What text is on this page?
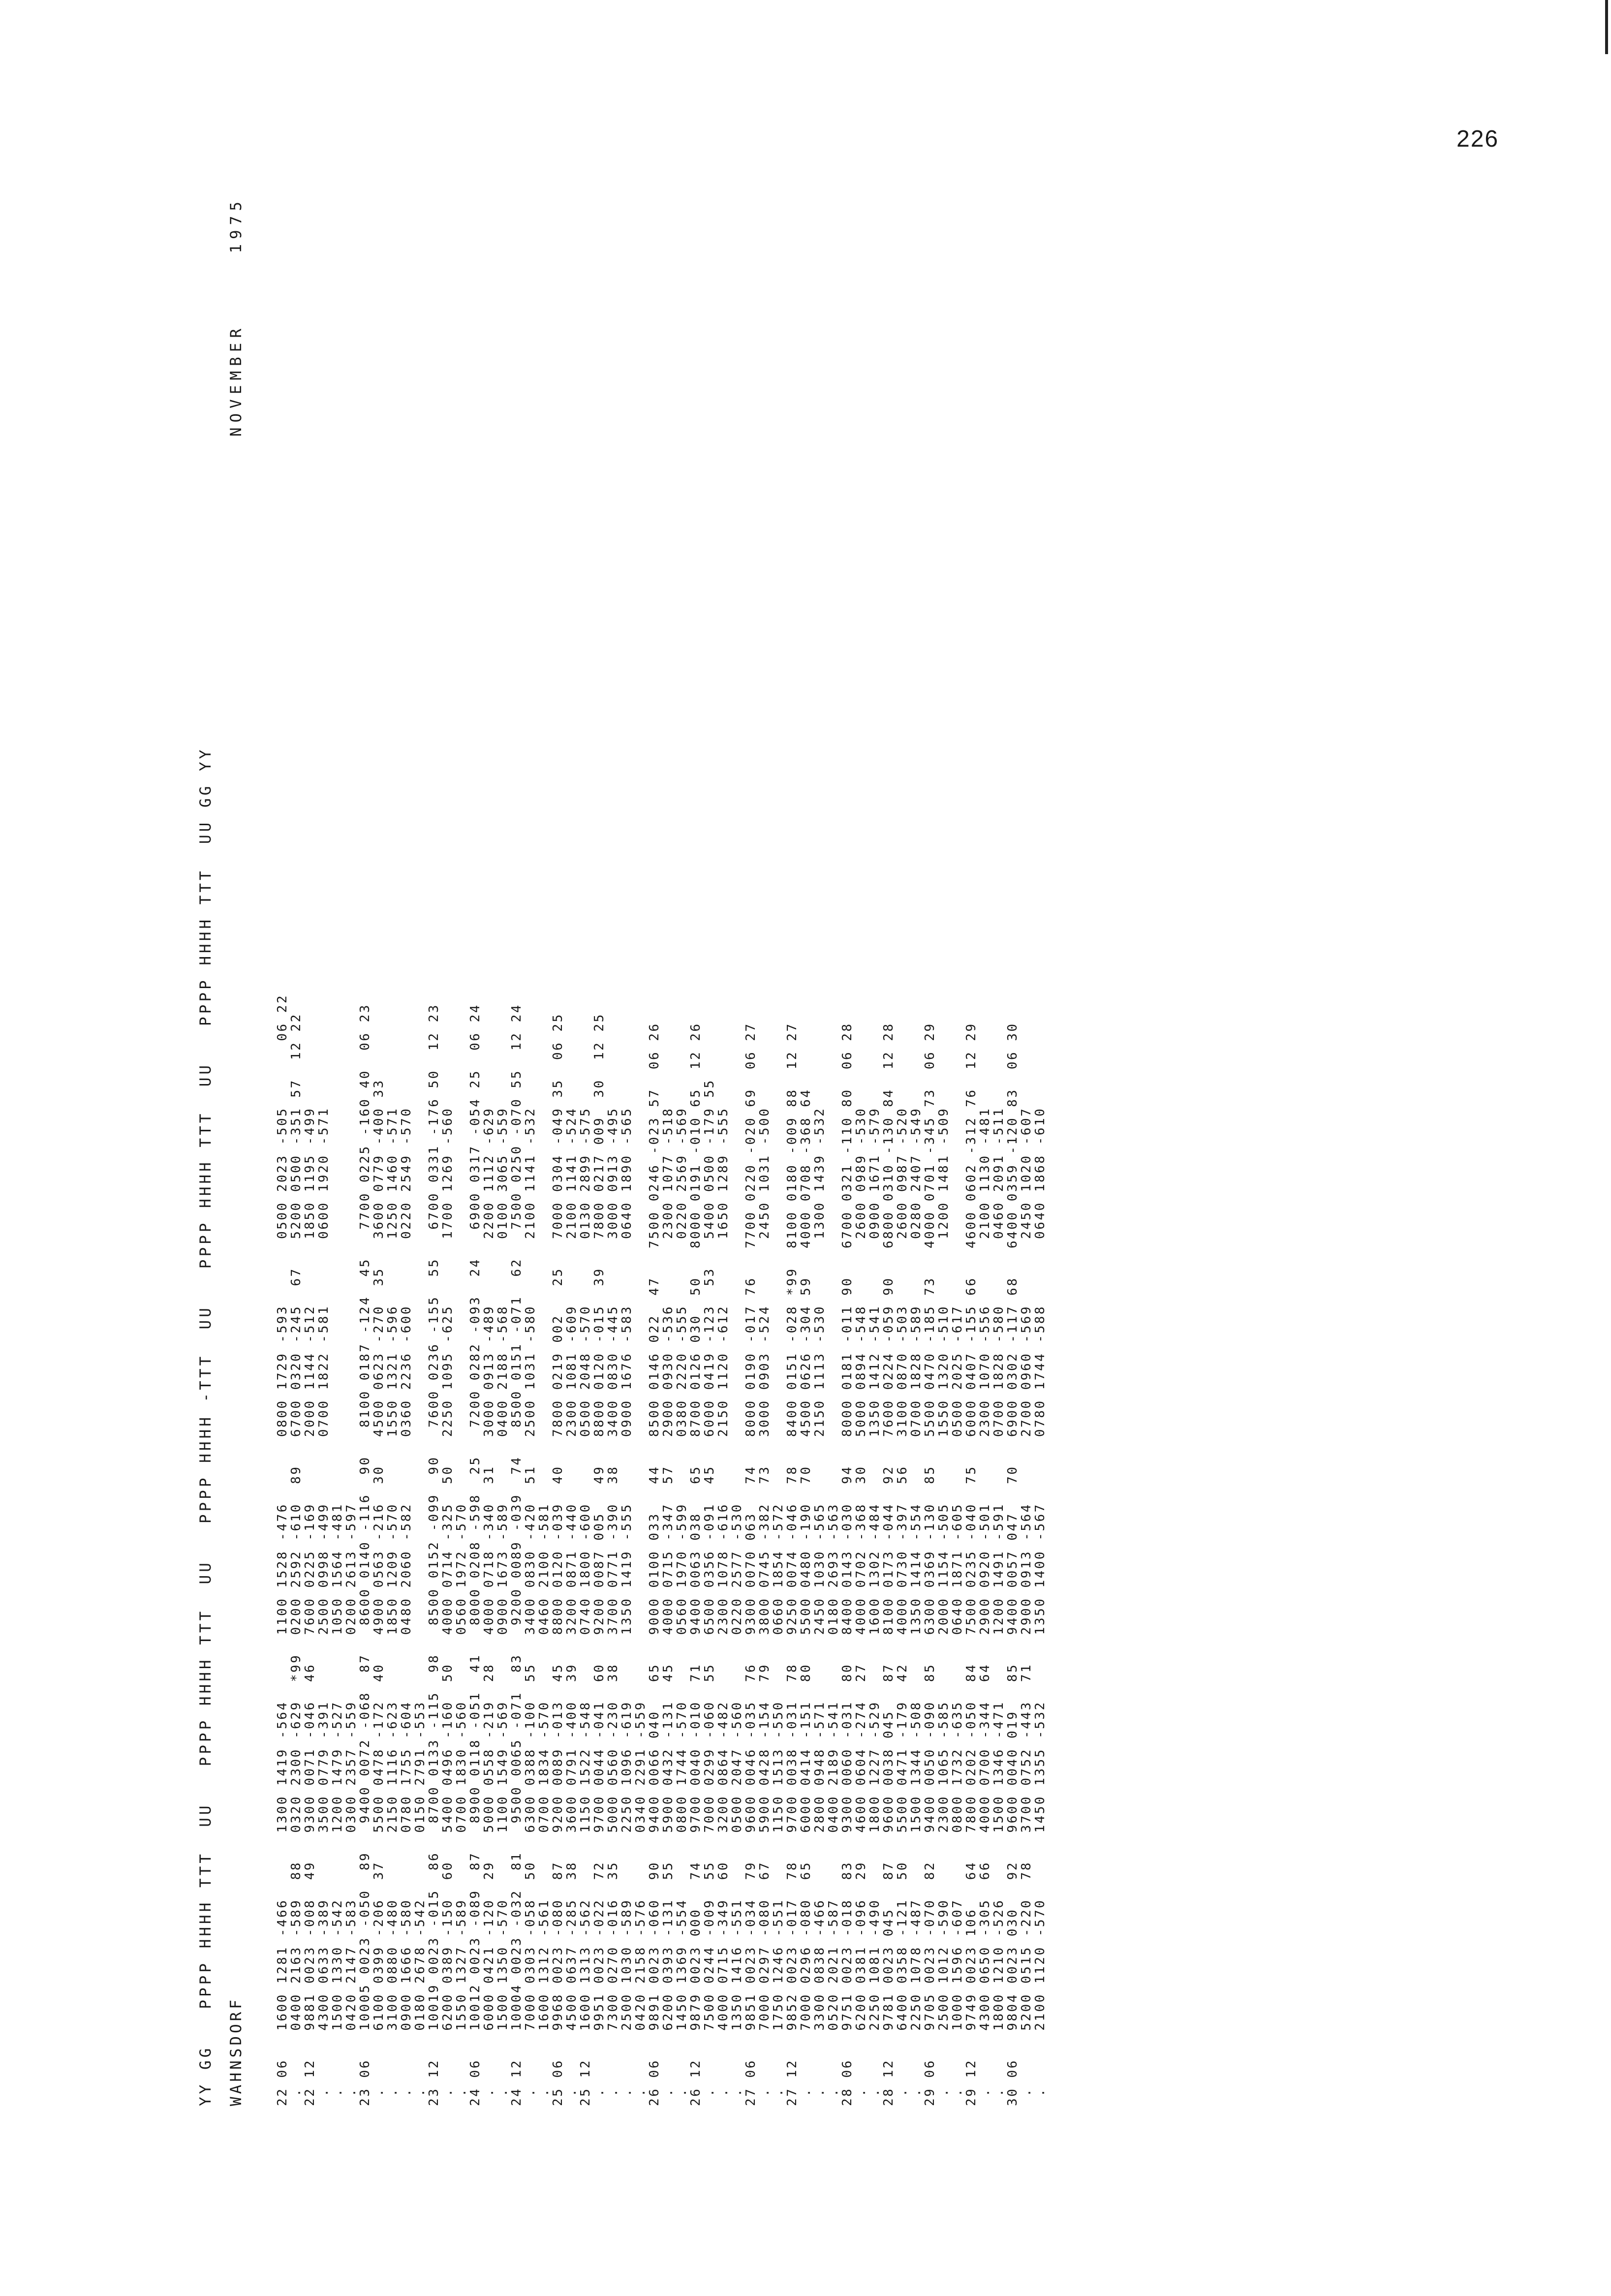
226
YY GG   PPPP HHHH TTT  UU   PPPP HHHH TTT  UU   PPPP HHHH -TTT  UU   PPPP HHHH TTT  UU   PPPP HHHH TTT  UU GG YY WAHNSDORF
NOVEMBER     1975
22 06   1600 1281 -466       1300 1419 -564       1100 1528 -476       0800 1729 -593       0500 2023 -505       06 22
.      0400 2163 -589  88   0320 2300 -629  *99  0200 2592 -610  89   6700 0320 -245  67   5200 0500 -351 57  12 22
22 12   9881 0023 -008  49   9300 0071 -046  46   7600 0225 -169       2000 1144 -512       1850 1195 -499
.      4300 0633 -389       3500 0779 -391       2500 0998 -499       0700 1822 -581       0600 1920 -571
.      1500 1330 -542       1200 1479 -527       1050 1564 -481
.      0420 2147 -583       0300 2357 -559       0200 2613 -597
23 06   10005 0023 -050  89   9400 0072 -068  87   8600 0140 -116  90   8100 0187 -124  45   7700 0225 -160 40  06 23
.      6100 0399 -206  37   5500 0478 -172  40   4900 0563 -216  30   4500 0623 -270  35   3600 0779 -400 33
.      3100 0880 -480       2150 1116 -623       1850 1209 -570       1550 1321 -596       1250 1460 -571
.      0900 1666 -580       0780 1755 -604       0480 2060 -582       0360 2236 -600       0220 2549 -570
.      0180 2678 -542       0150 2791 -553
23 12   10019 0023 -015  86   8700 0133 -115  98   8500 0152 -099  90   7600 0236 -155  55   6700 0331 -176 50  12 23
.      6200 0389 -150  60   5400 0496 -160  50   4000 0714 -325  50   2250 1095 -625       1700 1269 -560
.      1550 1327 -589       0700 1830 -560       0560 1972 -570
24 06   10012 0023 -089  87   8900 0118 -051  41   8000 0208 -598  25   7200 0282 -093  24   6900 0317 -054 25  06 24
.      6000 0421 -120  29   5000 0558 -219  28   4000 0718 -340  31   3000 0913 -489       2200 1112 -629
.      1500 1350 -570       1100 1549 -569       0900 1673 -589       0400 2188 -568       0100 3065 -559
24 12   10004 0023 -032  81   9500 0065 -071  83   9200 0089 -039  74   8500 0151 -071  62   7500 0250 -070 55  12 24
.      7000 0303 -058  50   6300 0388 -100  55   3400 0830 -420  51   2500 1031 -580       2100 1141 -532
.      1600 1312 -561       0700 1834 -570       0460 2100 -581
25 06   9968 0023 -080  87   9200 0089 -013  45   8800 0120 -039  40   7800 0219 002   25   7000 0304 -049 35  06 25
.      4500 0637 -285  38   3600 0791 -400  39   3200 0871 -440       2300 1081 -609       2100 1141 -524
25 12   1600 1313 -562       1150 1522 -548       0740 1800 -600       0500 2048 -570       0130 2899 -575
.      9951 0023 -022  72   9700 0044 -041  60   9200 0087 005   49   8800 0120 -015  39   7800 0217 009  30  12 25
.      7300 0270 -016  35   5000 0560 -230  38   3700 0771 -390  38   3400 0830 -445       3000 0913 -495
.      2500 1030 -589       2250 1096 -619       1350 1419 -555       0900 1676 -583       0640 1890 -565
.      0420 2158 -576       0340 2291 -559
26 06   9891 0023 -060  90   9400 0066 040   65   9000 0100 033   44   8500 0146 022  47   7500 0246 -023 57  06 26
.      6200 0393 -131  55   5900 0432 -131  45   4000 0715 -347  57   2900 0930 -536       2300 1077 -518
.      1450 1369 -554       0800 1744 -570       0560 1970 -599       0380 2220 -555       0220 2569 -569
26 12   9879 0023 000   74   9700 0040 -010  71   9400 0063 038   65   8700 0126 030  50   8000 0191 -010 65  12 26
.      7500 0244 -009  55   7000 0299 -060  55   6500 0356 -091  45   6000 0419 -123  53   5400 0500 -179 55
.      4000 0715 -349  60   3200 0864 -482       2300 1078 -616       2150 1120 -612       1650 1289 -555
.      1350 1416 -551       0500 2047 -560       0220 2577 -530
27 06   9851 0023 -034  79   9600 0046 -035  76   9300 0070 063   74   8000 0190 -017 76   7700 0220 -020 69  06 27
.      7000 0297 -080  67   5900 0428 -154  79   3800 0745 -382  73   3000 0903 -524       2450 1031 -500
.      1750 1246 -551       1150 1513 -550       0660 1854 -572
27 12   9852 0023 -017  78   9700 0038 -031  78   9250 0074 -046  78   8400 0151 -028 *99  8100 0180 -009 88  12 27
.      7000 0296 -080  65   6000 0414 -151  80   5500 0480 -190  70   4500 0626 -304 59   4000 0708 -368 64
.      3300 0838 -466       2800 0948 -571       2450 1030 -565       2150 1113 -530       1300 1439 -532
.      0520 2021 -587       0400 2189 -541       0180 2693 -563
28 06   9751 0023 -018  83   9300 0060 -031  80   8400 0143 -030  94   8000 0181 -011 90   6700 0321 -110 80  06 28
.      6200 0381 -096  29   4600 0604 -274  27   4000 0702 -368  30   5000 0894 -548       2600 0989 -530
.      2250 1081 -490       1800 1227 -529       1600 1302 -484       1350 1412 -541       0900 1671 -579
28 12   9781 0023 045   87   9600 0038 045   87   8100 0173 -044  92   7600 0224 -059 90   6800 0310 -130 84  12 28
.      6400 0358 -121  50   5500 0471 -179  42   4000 0730 -397  56   3100 0870 -503       2600 0987 -520
.      2250 1078 -487       1500 1344 -508       1350 1414 -554       0700 1828 -589       0280 2407 -549
29 06   9705 0023 -070  82   9400 0050 -090  85   6300 0369 -130  85   5500 0470 -185 73   4000 0701 -345 73  06 29
.      2500 1012 -590       2300 1065 -585       2000 1154 -505       1550 1320 -510       1200 1481 -509
.      1000 1596 -607       0800 1732 -635       0640 1871 -605       0500 2025 -617
29 12   9749 0023 106   64   7800 0202 -050  84   7500 0235 -040  75   6000 0407 -155 66   4600 0602 -312 76  12 29
.      4300 0650 -305  66   4000 0700 -344  64   2900 0920 -501       2300 1070 -556       2100 1130 -481
.      1800 1210 -526       1500 1346 -471       1200 1491 -591       0700 1828 -580       0460 2091 -511
30 06   9804 0023 030   92   9600 0040 019   85   9400 0057 047   70   6900 0302 -117 68   6400 0359 -120 83  06 30
.      5200 0515 -220  78   3700 0752 -443  71   2900 0913 -564       2700 0960 -569       2450 1020 -607
.      2100 1120 -570       1450 1355 -532       1350 1400 -567       0780 1744 -588       0640 1868 -610
